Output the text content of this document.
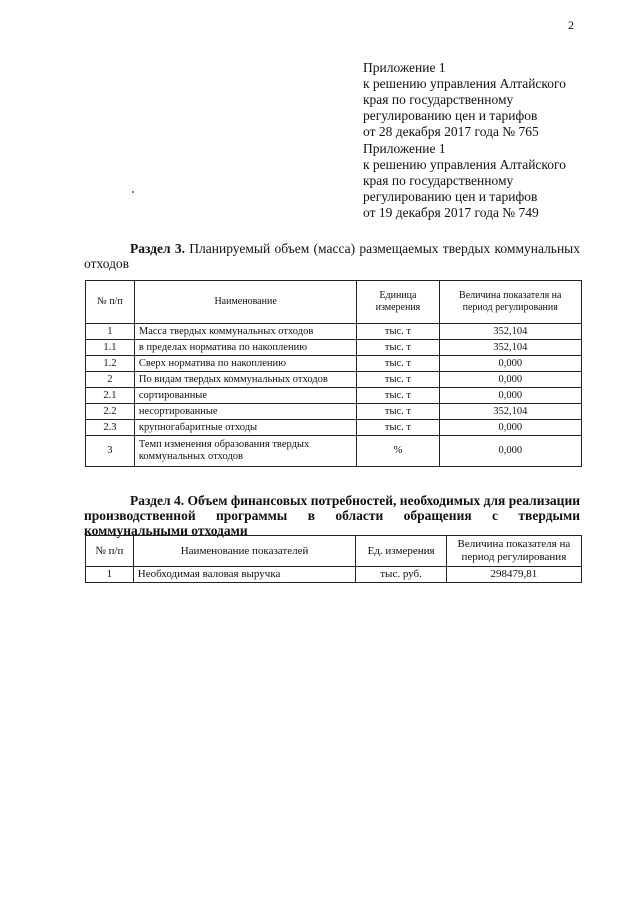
2
Приложение 1
к решению управления Алтайского
края по государственному
регулированию цен и тарифов
от 28 декабря 2017 года № 765
Приложение 1
к решению управления Алтайского
края по государственному
регулированию цен и тарифов
от 19 декабря 2017 года № 749
Раздел 3. Планируемый объем (масса) размещаемых твердых коммунальных отходов
№ п/п	Наименование	Единица измерения	Величина показателя на период регулирования
1	Масса твердых коммунальных отходов	тыс. т	352,104
1.1	в пределах норматива по накоплению	тыс. т	352,104
1.2	Сверх норматива по накоплению	тыс. т	0,000
2	По видам твердых коммунальных отходов	тыс. т	0,000
2.1	сортированные	тыс. т	0,000
2.2	несортированные	тыс. т	352,104
2.3	крупногабаритные отходы	тыс. т	0,000
3	Темп изменения образования твердых коммунальных отходов	%	0,000
Раздел 4. Объем финансовых потребностей, необходимых для реализации производственной программы в области обращения с твердыми коммунальными отходами
№ п/п	Наименование показателей	Ед. измерения	Величина показателя на период регулирования
1	Необходимая валовая выручка	тыс. руб.	298479,81
